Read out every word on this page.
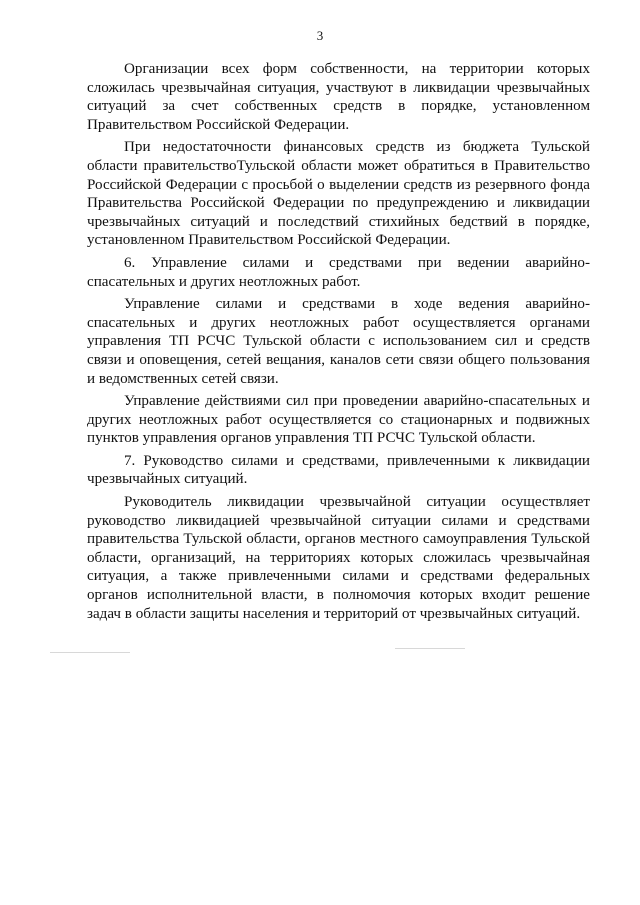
3

Организации всех форм собственности, на территории которых сложилась чрезвычайная ситуация, участвуют в ликвидации чрезвычайных ситуаций за счет собственных средств в порядке, установленном Правительством Российской Федерации.

При недостаточности финансовых средств из бюджета Тульской области правительствоТульской области может обратиться в Правительство Российской Федерации с просьбой о выделении средств из резервного фонда Правительства Российской Федерации по предупреждению и ликвидации чрезвычайных ситуаций и последствий стихийных бедствий в порядке, установленном Правительством Российской Федерации.

6. Управление силами и средствами при ведении аварийно-спасательных и других неотложных работ.

Управление силами и средствами в ходе ведения аварийно-спасательных и других неотложных работ осуществляется органами управления ТП РСЧС Тульской области с использованием сил и средств связи и оповещения, сетей вещания, каналов сети связи общего пользования и ведомственных сетей связи.

Управление действиями сил при проведении аварийно-спасательных и других неотложных работ осуществляется со стационарных и подвижных пунктов управления органов управления ТП РСЧС Тульской области.

7. Руководство силами и средствами, привлеченными к ликвидации чрезвычайных ситуаций.

Руководитель ликвидации чрезвычайной ситуации осуществляет руководство ликвидацией чрезвычайной ситуации силами и средствами правительства Тульской области, органов местного самоуправления Тульской области, организаций, на территориях которых сложилась чрезвычайная ситуация, а также привлеченными силами и средствами федеральных органов исполнительной власти, в полномочия которых входит решение задач в области защиты населения и территорий от чрезвычайных ситуаций.
